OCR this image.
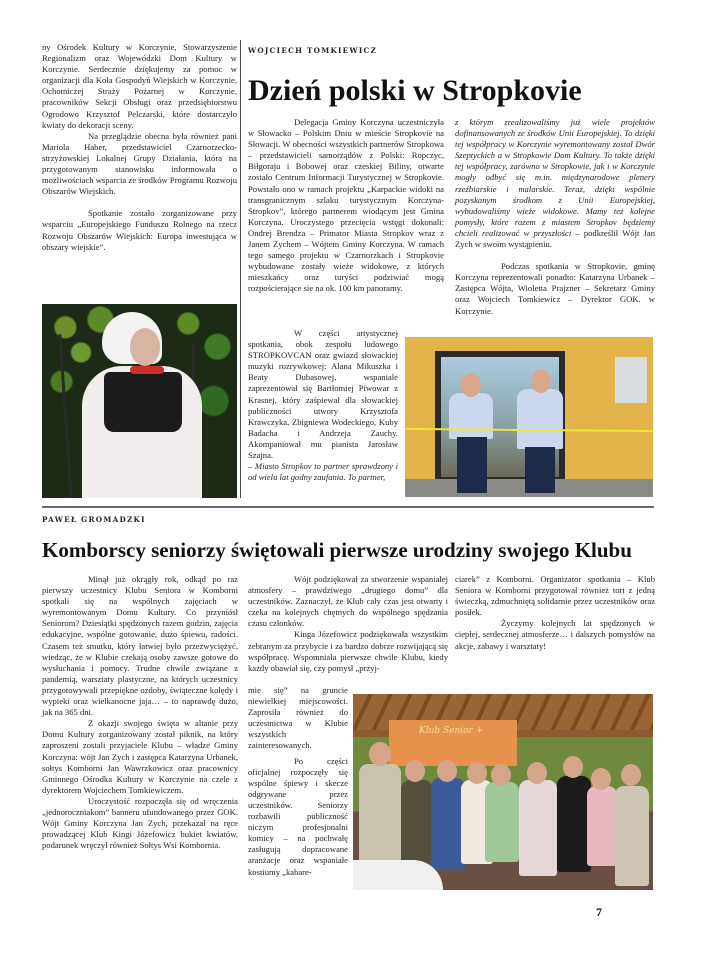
ny Ośrodek Kultury w Korczynie, Stowarzyszenie Regionalizm oraz Wojewódzki Dom Kultury w Korczynie. Serdecznie dziękujemy za pomoc w organizacji dla Koła Gospodyń Wiejskich w Korczynie, Ochotniczej Straży Pożarnej w Korczynie, pracowników Sekcji Obsługi oraz przedsiębiorstwu Ogrodowo Krzysztof Pelczarski, które dostarczyło kwiaty do dekoracji sceny.

Na przeglądzie obecna była również pani Mariola Haber, przedstawiciel Czarnorzecko-strzyżowskiej Lokalnej Grupy Działania, która na przygotowanym stanowisku informowała o możliwościach wsparcia ze środków Programu Rozwoju Obszarów Wiejskich.

Spotkanie zostało zorganizowane przy wsparciu „Europejskiego Funduszu Rolnego na rzecz Rozwoju Obszarów Wiejskich: Europa inwestująca w obszary wiejskie”.

WOJCIECH TOMKIEWICZ
Dzień polski w Stropkovie

Delegacja Gminy Korczyna uczestniczyła w Słowacko – Polskim Dniu w mieście Stropkovie na Słowacji. W obecności wszystkich partnerów Stropkowa – przedstawicieli samorządów z Polski: Ropczyc, Biłgoraju i Bobowej oraz czeskiej Biliny, otwarte zostało Centrum Informacji Turystycznej w Stropkovie. Powstało ono w ramach projektu „Karpackie widoki na transgranicznym szlaku turystycznym Korczyna-Stropkov”, którego partnerem wiodącym jest Gmina Korczyna. Uroczystego przecięcia wstęgi dokonali: Ondrej Brendza – Primator Miasta Stropkov wraz z Janem Zychem – Wójtem Gminy Korczyna. W ramach tego samego projektu w Czarnorzkach i Stropkovie wybudowane zostały wieże widokowe, z których mieszkańcy oraz turyści podziwiać mogą rozpościerające sie na ok. 100 km panoramy.

W części artystycznej spotkania, obok zespołu ludowego STROPKOVCAN oraz gwiazd słowackiej muzyki rozrywkowej: Alana Mikuszka i Beaty Dubasowej, wspaniale zaprezentował się Bartłomiej Piwowar z Krasnej, który zaśpiewał dla słowackiej publiczności utwory Krzysztofa Krawczyka, Zbigniewa Wodeckiego, Kuby Badacha i Andrzeja Zauchy. Akompaniował mu pianista Jarosław Szajna.

– Miasto Stropkov to partner sprawdzony i od wielu lat godny zaufania. To partner,

z którym zrealizowaliśmy już wiele projektów dofinansowanych ze środków Unii Europejskiej. To dzięki tej współpracy w Korczynie wyremontowany został Dwór Szeptyckich a w Stropkowie Dom Kultury. To także dzięki tej współpracy, zarówno w Stropkowie, jak i w Korczynie mogły odbyć się m.in. międzynarodowe plenery rzeźbiarskie i malarskie. Teraz, dzięki wspólnie pozyskanym środkom z Unii Europejskiej, wybudowaliśmy wieże widokowe. Mamy też kolejne pomysły, które razem z miastem Stropkov będziemy chcieli realizować w przyszłości – podkreślił Wójt Jan Zych w swoim wystąpieniu.

Podczas spotkania w Stropkovie, gminę Korczyna reprezentowali ponadto: Katarzyna Urbanek – Zastępca Wójta, Wioletta Prajzner – Sekretarz Gminy oraz Wojciech Tomkiewicz – Dyrektor GOK. w Korczynie.

PAWEŁ GROMADZKI
Komborscy seniorzy świętowali pierwsze urodziny swojego Klubu

Minął już okrągły rok, odkąd po raz pierwszy uczestnicy Klubu Seniora w Komborni spotkali się na wspólnych zajęciach w wyremontowanym Domu Kultury. Co przyniósł Seniorom? Dziesiątki spędzonych razem godzin, zajęcia edukacyjne, wspólne gotowanie, dużo śpiewu, radości. Czasem też smutku, który łatwiej było przezwyciężyć, wiedząc, że w Klubie czekają osoby zawsze gotowe do wysłuchania i pomocy. Trudne chwile związane z pandemią, warsztaty plastyczne, na których uczestnicy przygotowywali przepiękne ozdoby, świąteczne kolędy i wypieki oraz wielkanocne jaja… – to naprawdę dużo, jak na 365 dni.

Z okazji swojego święta w altanie przy Domu Kultury zorganizowany został piknik, na który zaproszeni zostali przyjaciele Klubu – władze Gminy Korczyna: wójt Jan Zych i zastępca Katarzyna Urbanek, sołtys Komborni Jan Wawrzkowicz oraz pracownicy Gminnego Ośrodka Kultury w Korczynie na czele z dyrektorem Wojciechem Tomkiewiczem.

Uroczystość rozpoczęła się od wręczenia „jednoroczniakom” banneru ufundowanego przez GOK. Wójt Gminy Korczyna Jan Zych, przekazał na ręce prowadzącej Klub Kingi Józefowicz bukiet kwiatów, podarunek wręczył również Sołtys Wsi Kombornia.

Wójt podziękował za stworzenie wspaniałej atmosfery – prawdziwego „drugiego domu” dla uczestników. Zaznaczył, że Klub cały czas jest otwarty i czeka na kolejnych chętnych do wspólnego spędzania czasu członków.

Kinga Józefowicz podziękowała wszystkim zebranym za przybycie i za bardzo dobrze rozwijającą się współpracę. Wspomniała pierwsze chwile Klubu, kiedy każdy obawiał się, czy pomysł „przyj-

mie się” na gruncie niewielkiej miejscowości. Zaprosiła również do uczestnictwa w Klubie wszystkich zainteresowanych.

Po części oficjalnej rozpoczęły się wspólne śpiewy i skecze odgrywane przez uczestników. Seniorzy rozbawili publiczność niczym profesjonalni komicy – na pochwałę zasługują dopracowane aranżacje oraz wspaniałe kostiumy „kabare-

ciarek” z Komborni. Organizator spotkania – Klub Seniora w Komborni przygotował również tort z jedną świeczką, zdmuchniętą solidarnie przez uczestników oraz posiłek.

Życzymy kolejnych lat spędzonych w ciepłej, serdecznej atmosferze… i dalszych pomysłów na akcje, zabawy i warsztaty!

Klub Senior +
7
